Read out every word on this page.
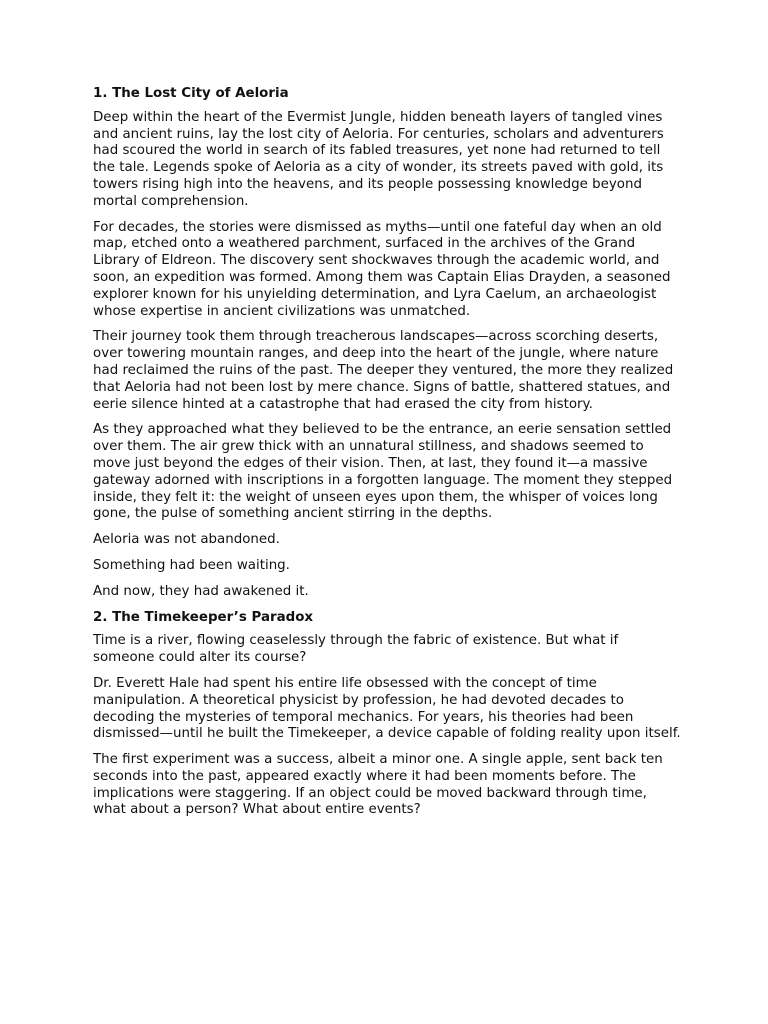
1. The Lost City of Aeloria

Deep within the heart of the Evermist Jungle, hidden beneath layers of tangled vines and ancient ruins, lay the lost city of Aeloria. For centuries, scholars and adventurers had scoured the world in search of its fabled treasures, yet none had returned to tell the tale. Legends spoke of Aeloria as a city of wonder, its streets paved with gold, its towers rising high into the heavens, and its people possessing knowledge beyond mortal comprehension.

For decades, the stories were dismissed as myths—until one fateful day when an old map, etched onto a weathered parchment, surfaced in the archives of the Grand Library of Eldreon. The discovery sent shockwaves through the academic world, and soon, an expedition was formed. Among them was Captain Elias Drayden, a seasoned explorer known for his unyielding determination, and Lyra Caelum, an archaeologist whose expertise in ancient civilizations was unmatched.

Their journey took them through treacherous landscapes—across scorching deserts, over towering mountain ranges, and deep into the heart of the jungle, where nature had reclaimed the ruins of the past. The deeper they ventured, the more they realized that Aeloria had not been lost by mere chance. Signs of battle, shattered statues, and eerie silence hinted at a catastrophe that had erased the city from history.

As they approached what they believed to be the entrance, an eerie sensation settled over them. The air grew thick with an unnatural stillness, and shadows seemed to move just beyond the edges of their vision. Then, at last, they found it—a massive gateway adorned with inscriptions in a forgotten language. The moment they stepped inside, they felt it: the weight of unseen eyes upon them, the whisper of voices long gone, the pulse of something ancient stirring in the depths.

Aeloria was not abandoned.

Something had been waiting.

And now, they had awakened it.

2. The Timekeeper’s Paradox

Time is a river, flowing ceaselessly through the fabric of existence. But what if someone could alter its course?

Dr. Everett Hale had spent his entire life obsessed with the concept of time manipulation. A theoretical physicist by profession, he had devoted decades to decoding the mysteries of temporal mechanics. For years, his theories had been dismissed—until he built the Timekeeper, a device capable of folding reality upon itself.

The first experiment was a success, albeit a minor one. A single apple, sent back ten seconds into the past, appeared exactly where it had been moments before. The implications were staggering. If an object could be moved backward through time, what about a person? What about entire events?
